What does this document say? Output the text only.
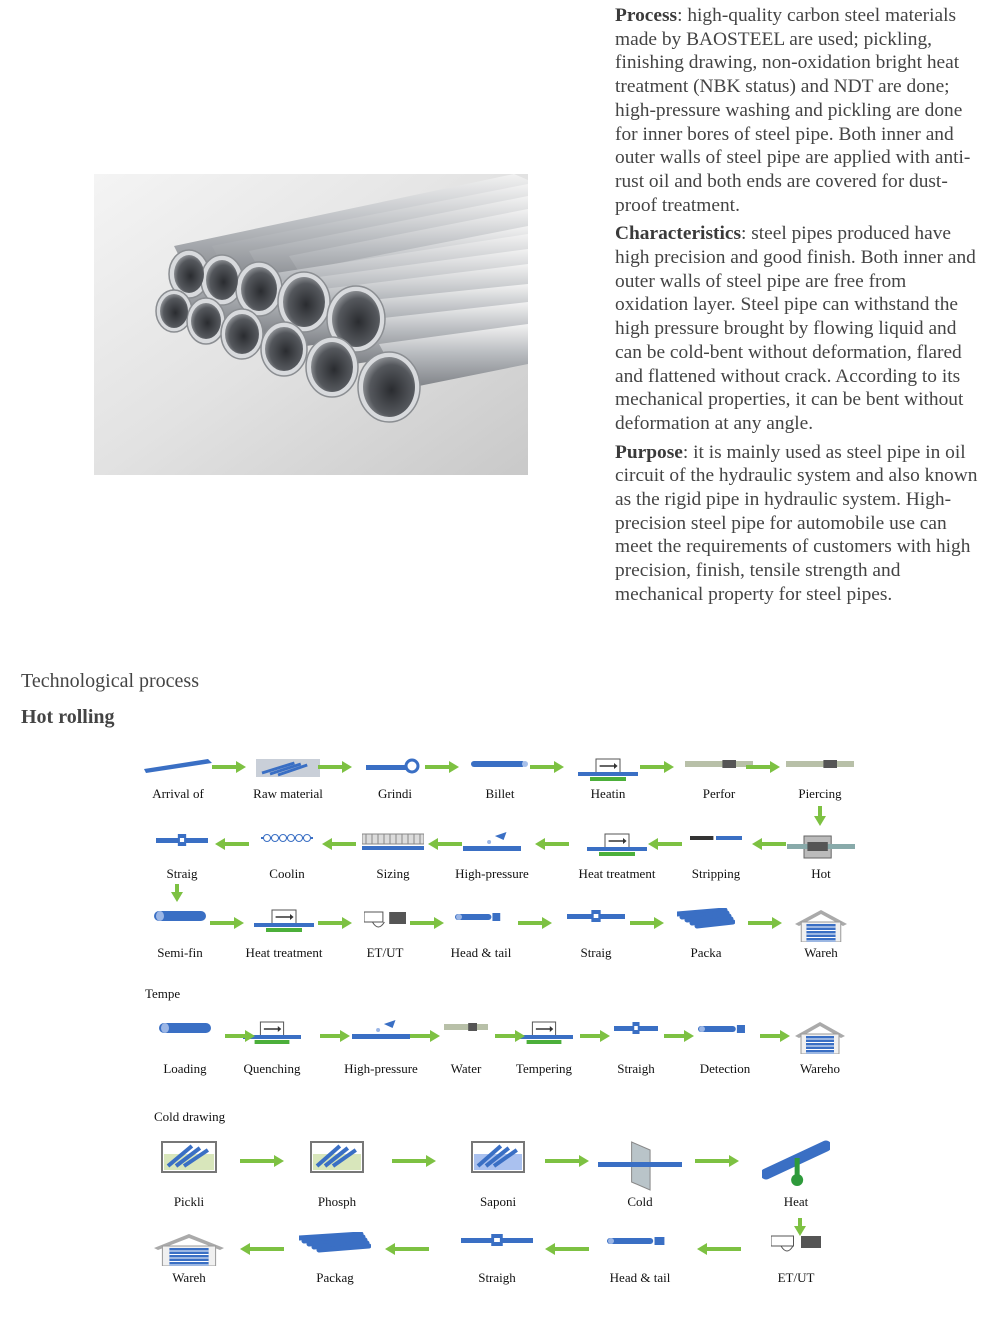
Process: high-quality carbon steel materials made by BAOSTEEL are used; pickling, finishing drawing, non-oxidation bright heat treatment (NBK status) and NDT are done; high-pressure washing and pickling are done for inner bores of steel pipe. Both inner and outer walls of steel pipe are applied with anti-rust oil and both ends are covered for dust-proof treatment.

Characteristics: steel pipes produced have high precision and good finish. Both inner and outer walls of steel pipe are free from oxidation layer. Steel pipe can withstand the high pressure brought by flowing liquid and can be cold-bent without deformation, flared and flattened without crack. According to its mechanical properties, it can be bent without deformation at any angle.

Purpose: it is mainly used as steel pipe in oil circuit of the hydraulic system and also known as the rigid pipe in hydraulic system. High-precision steel pipe for automobile use can meet the requirements of customers with high precision, finish, tensile strength and mechanical property for steel pipes.

Technological process
Hot rolling
Arrival of	Raw material	Grindi	Billet	Heatin	Perfor	Piercing
Straig	Coolin	Sizing	High-pressure	Heat treatment	Stripping	Hot
Semi-fin	Heat treatment	ET/UT	Head & tail	Straig	Packa	Wareh
Tempe
Loading	Quenching	High-pressure	Water	Tempering	Straigh	Detection	Wareho
Cold drawing
Pickli	Phosph	Saponi	Cold	Heat
Wareh	Packag	Straigh	Head & tail	ET/UT
